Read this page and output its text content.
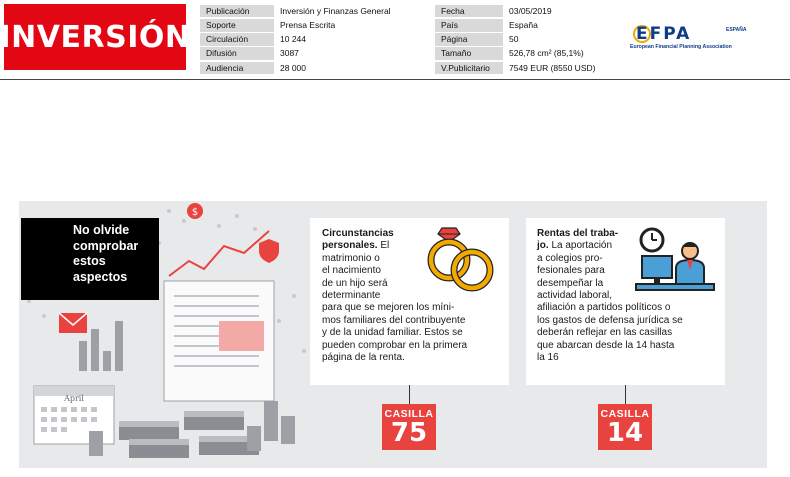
INVERSIÓN
Publicación	Inversión y Finanzas General
Soporte	Prensa Escrita
Circulación	10 244
Difusión	3087
Audiencia	28 000
Fecha	03/05/2019
País	España
Página	50
Tamaño	526,78 cm² (85,1%)
V.Publicitario	7549 EUR (8550 USD)
EFPA	ESPAÑA
European Financial Planning Association
$
April
No olvide
comprobar
estos
aspectos
Circunstancias
personales. El
matrimonio o
el nacimiento
de un hijo será
determinante
para que se mejoren los míni-
mos familiares del contribuyente
y de la unidad familiar. Estos se
pueden comprobar en la primera
página de la renta.
CASILLA
75
Rentas del traba-
jo. La aportación
a colegios pro-
fesionales para
desempeñar la
actividad laboral,
afiliación a partidos políticos o
los gastos de defensa jurídica se
deberán reflejar en las casillas
que abarcan desde la 14 hasta
la 16
CASILLA
14
